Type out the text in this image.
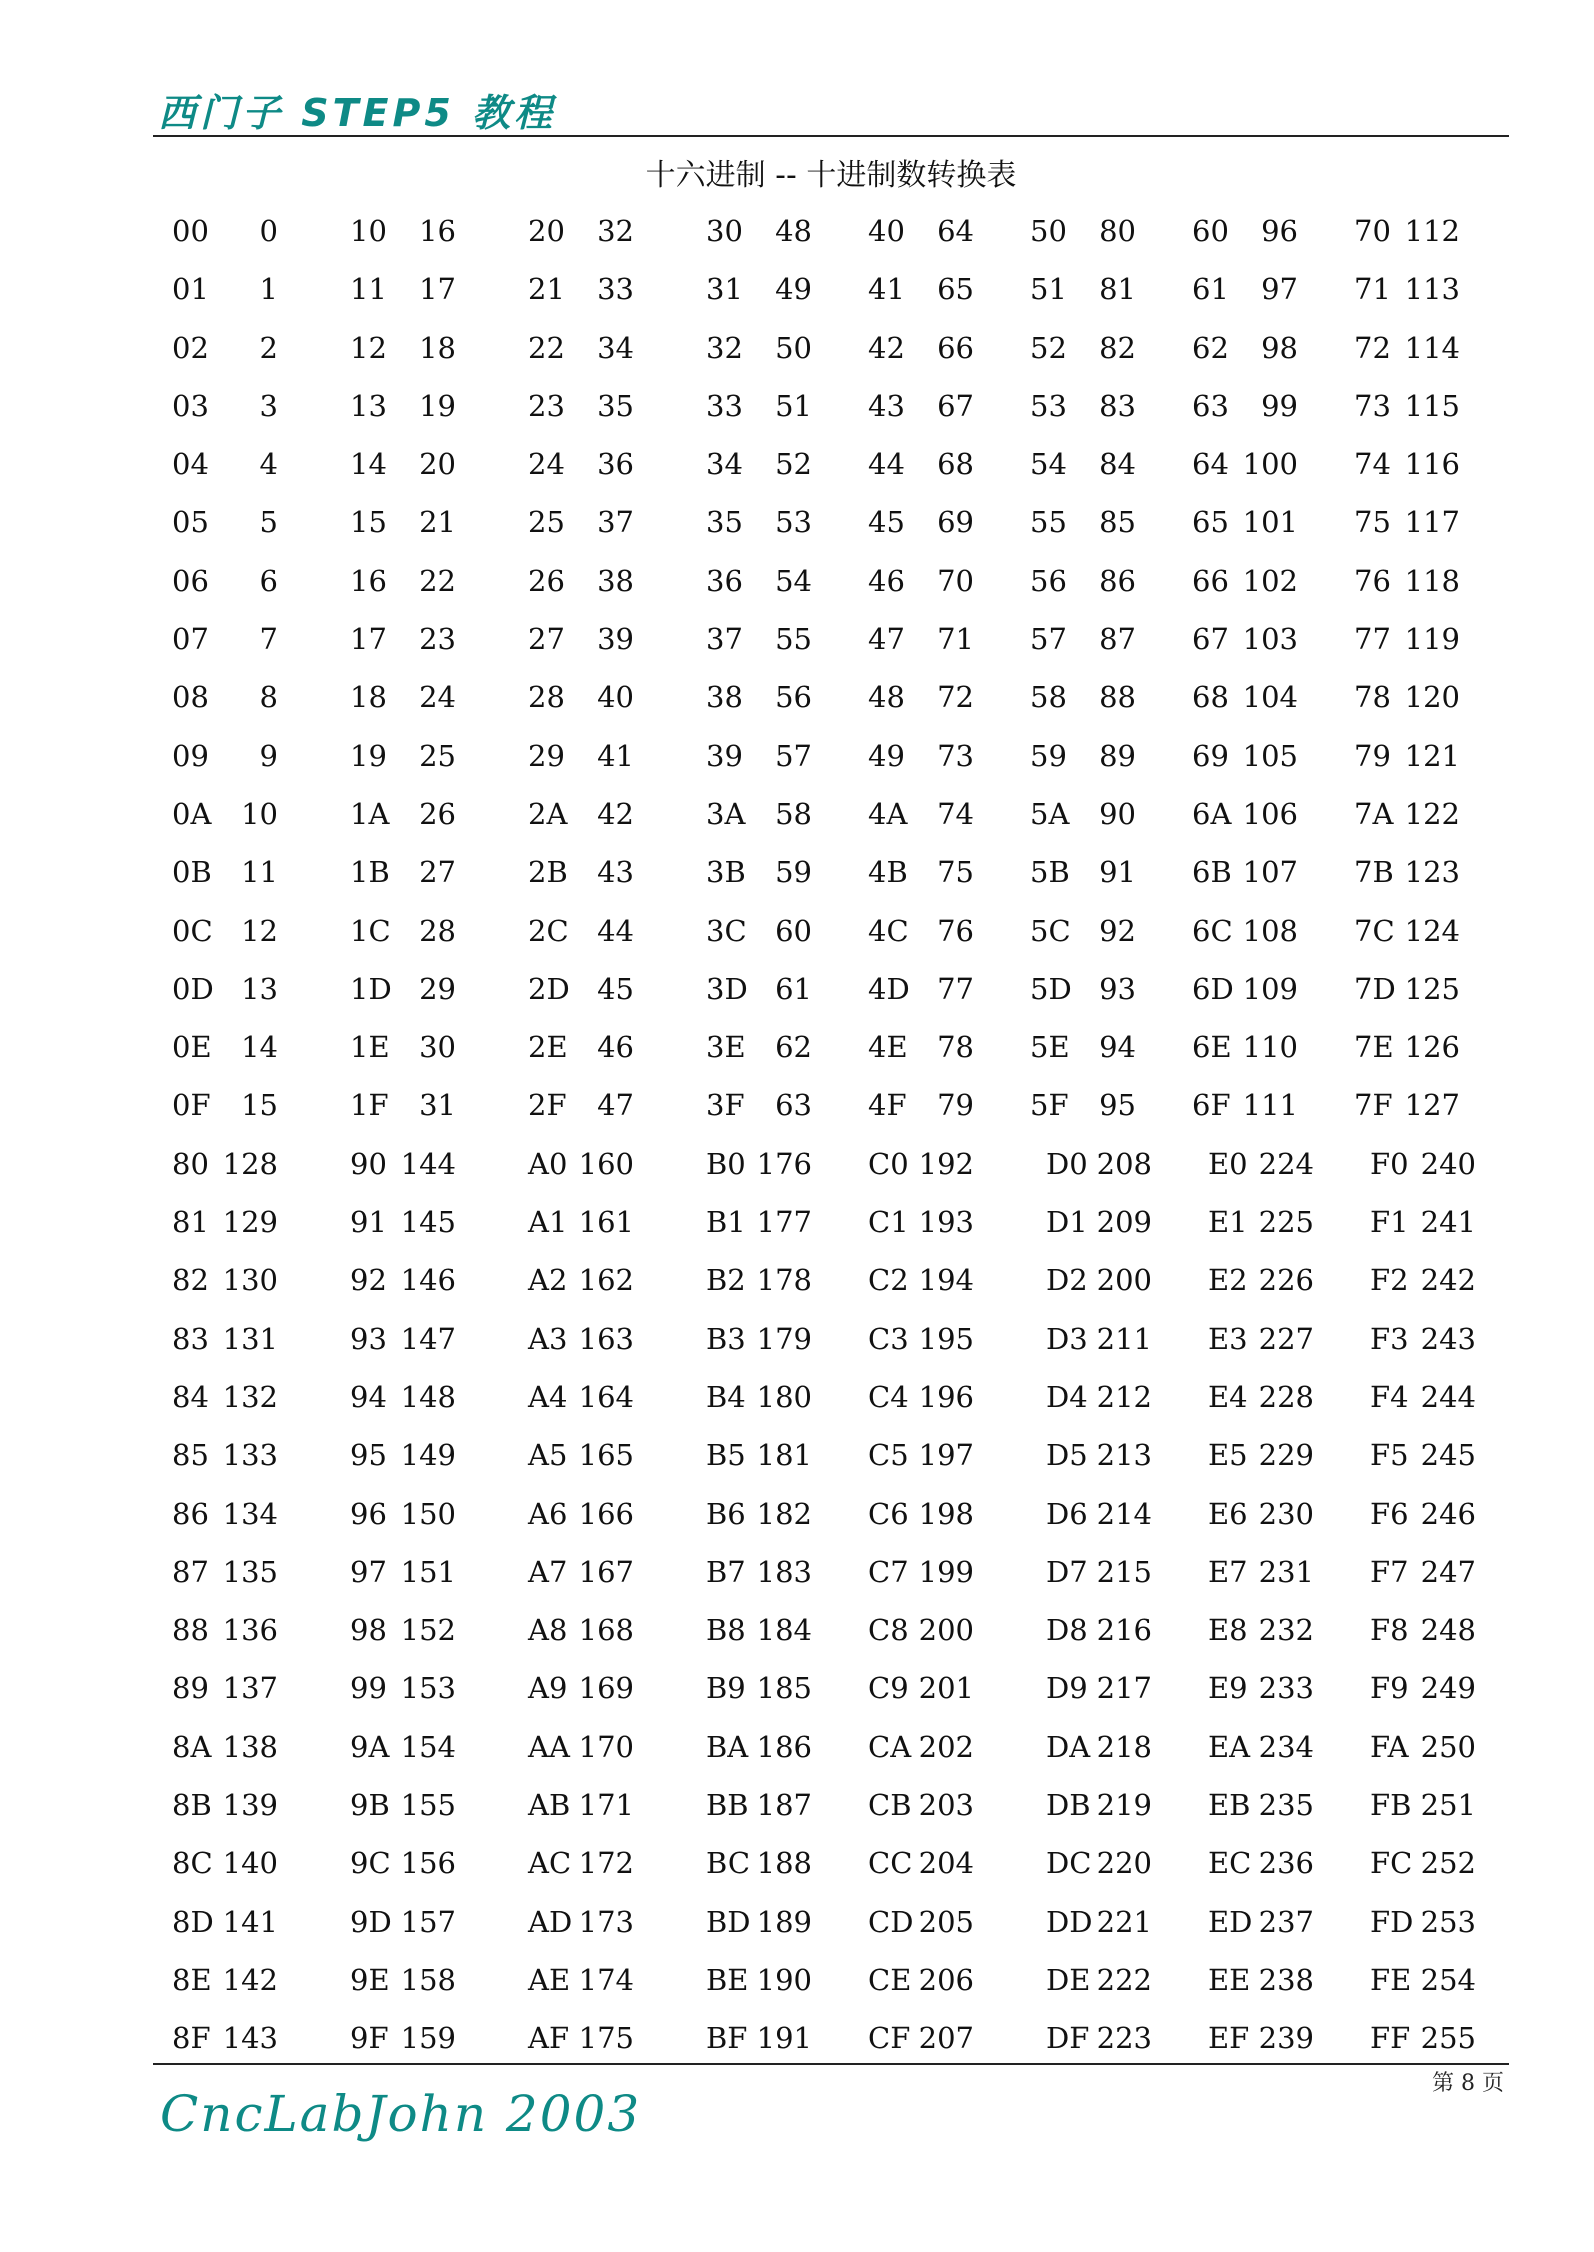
西门子 STEP5 教程
十六进制 -- 十进制数转换表
00 0 10 16 20 32 30 48 40 64 50 80 60 96 70 112
01 1 11 17 21 33 31 49 41 65 51 81 61 97 71 113
02 2 12 18 22 34 32 50 42 66 52 82 62 98 72 114
03 3 13 19 23 35 33 51 43 67 53 83 63 99 73 115
04 4 14 20 24 36 34 52 44 68 54 84 64 100 74 116
05 5 15 21 25 37 35 53 45 69 55 85 65 101 75 117
06 6 16 22 26 38 36 54 46 70 56 86 66 102 76 118
07 7 17 23 27 39 37 55 47 71 57 87 67 103 77 119
08 8 18 24 28 40 38 56 48 72 58 88 68 104 78 120
09 9 19 25 29 41 39 57 49 73 59 89 69 105 79 121
0A 10 1A 26 2A 42 3A 58 4A 74 5A 90 6A 106 7A 122
0B 11 1B 27 2B 43 3B 59 4B 75 5B 91 6B 107 7B 123
0C 12 1C 28 2C 44 3C 60 4C 76 5C 92 6C 108 7C 124
0D 13 1D 29 2D 45 3D 61 4D 77 5D 93 6D 109 7D 125
0E 14 1E 30 2E 46 3E 62 4E 78 5E 94 6E 110 7E 126
0F 15 1F 31 2F 47 3F 63 4F 79 5F 95 6F 111 7F 127
80 128 90 144 A0 160 B0 176 C0 192 D0 208 E0 224 F0 240
81 129 91 145 A1 161 B1 177 C1 193 D1 209 E1 225 F1 241
82 130 92 146 A2 162 B2 178 C2 194 D2 200 E2 226 F2 242
83 131 93 147 A3 163 B3 179 C3 195 D3 211 E3 227 F3 243
84 132 94 148 A4 164 B4 180 C4 196 D4 212 E4 228 F4 244
85 133 95 149 A5 165 B5 181 C5 197 D5 213 E5 229 F5 245
86 134 96 150 A6 166 B6 182 C6 198 D6 214 E6 230 F6 246
87 135 97 151 A7 167 B7 183 C7 199 D7 215 E7 231 F7 247
88 136 98 152 A8 168 B8 184 C8 200 D8 216 E8 232 F8 248
89 137 99 153 A9 169 B9 185 C9 201 D9 217 E9 233 F9 249
8A 138 9A 154 AA 170 BA 186 CA 202 DA 218 EA 234 FA 250
8B 139 9B 155 AB 171 BB 187 CB 203 DB 219 EB 235 FB 251
8C 140 9C 156 AC 172 BC 188 CC 204 DC 220 EC 236 FC 252
8D 141 9D 157 AD 173 BD 189 CD 205 DD 221 ED 237 FD 253
8E 142 9E 158 AE 174 BE 190 CE 206 DE 222 EE 238 FE 254
8F 143 9F 159 AF 175 BF 191 CF 207 DF 223 EF 239 FF 255
第 8 页
CncLabJohn 2003
